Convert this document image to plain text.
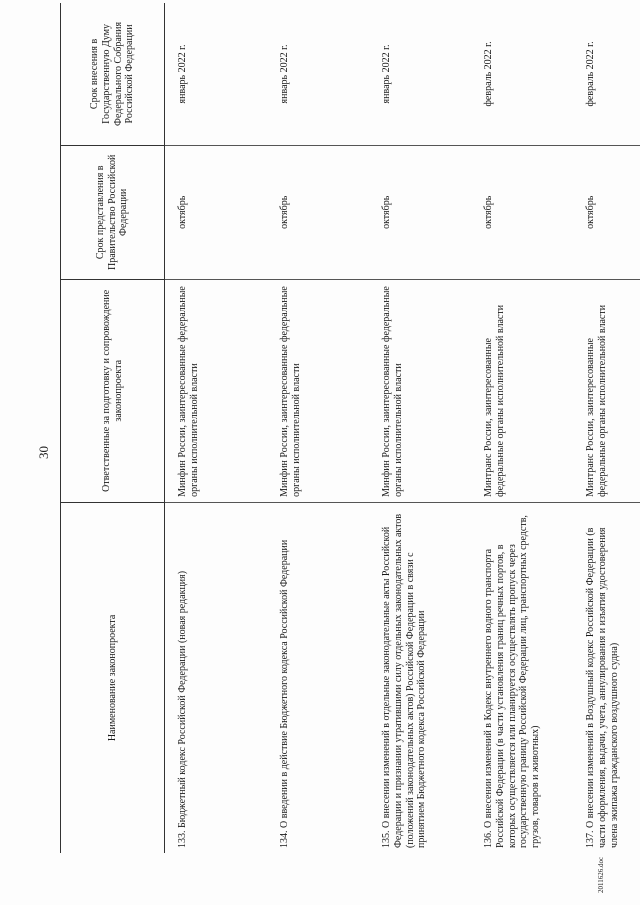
30
Наименование законопроекта	Ответственные за подготовку и сопровождение законопроекта	Срок представления в Правительство Российской Федерации	Срок внесения в Государственную Думу Федерального Собрания Российской Федерации
133. Бюджетный кодекс Российской Федерации (новая редакция)	Минфин России, заинтересованные федеральные органы исполнительной власти	октябрь	январь 2022 г.
134. О введении в действие Бюджетного кодекса Российской Федерации	Минфин России, заинтересованные федеральные органы исполнительной власти	октябрь	январь 2022 г.
135. О внесении изменений в отдельные законодательные акты Российской Федерации и признании утратившими силу отдельных законодательных актов (положений законодательных актов) Российской Федерации в связи с принятием Бюджетного кодекса Российской Федерации	Минфин России, заинтересованные федеральные органы исполнительной власти	октябрь	январь 2022 г.
136. О внесении изменений в Кодекс внутреннего водного транспорта Российской Федерации (в части установления границ речных портов, в которых осуществляется или планируется осуществлять пропуск через государственную границу Российской Федерации лиц, транспортных средств, грузов, товаров и животных)	Минтранс России, заинтересованные федеральные органы исполнительной власти	октябрь	февраль 2022 г.
137. О внесении изменений в Воздушный кодекс Российской Федерации (в части оформления, выдачи, учета, аннулирования и изъятия удостоверения члена экипажа гражданского воздушного судна)	Минтранс России, заинтересованные федеральные органы исполнительной власти	октябрь	февраль 2022 г.
2011626.doc
